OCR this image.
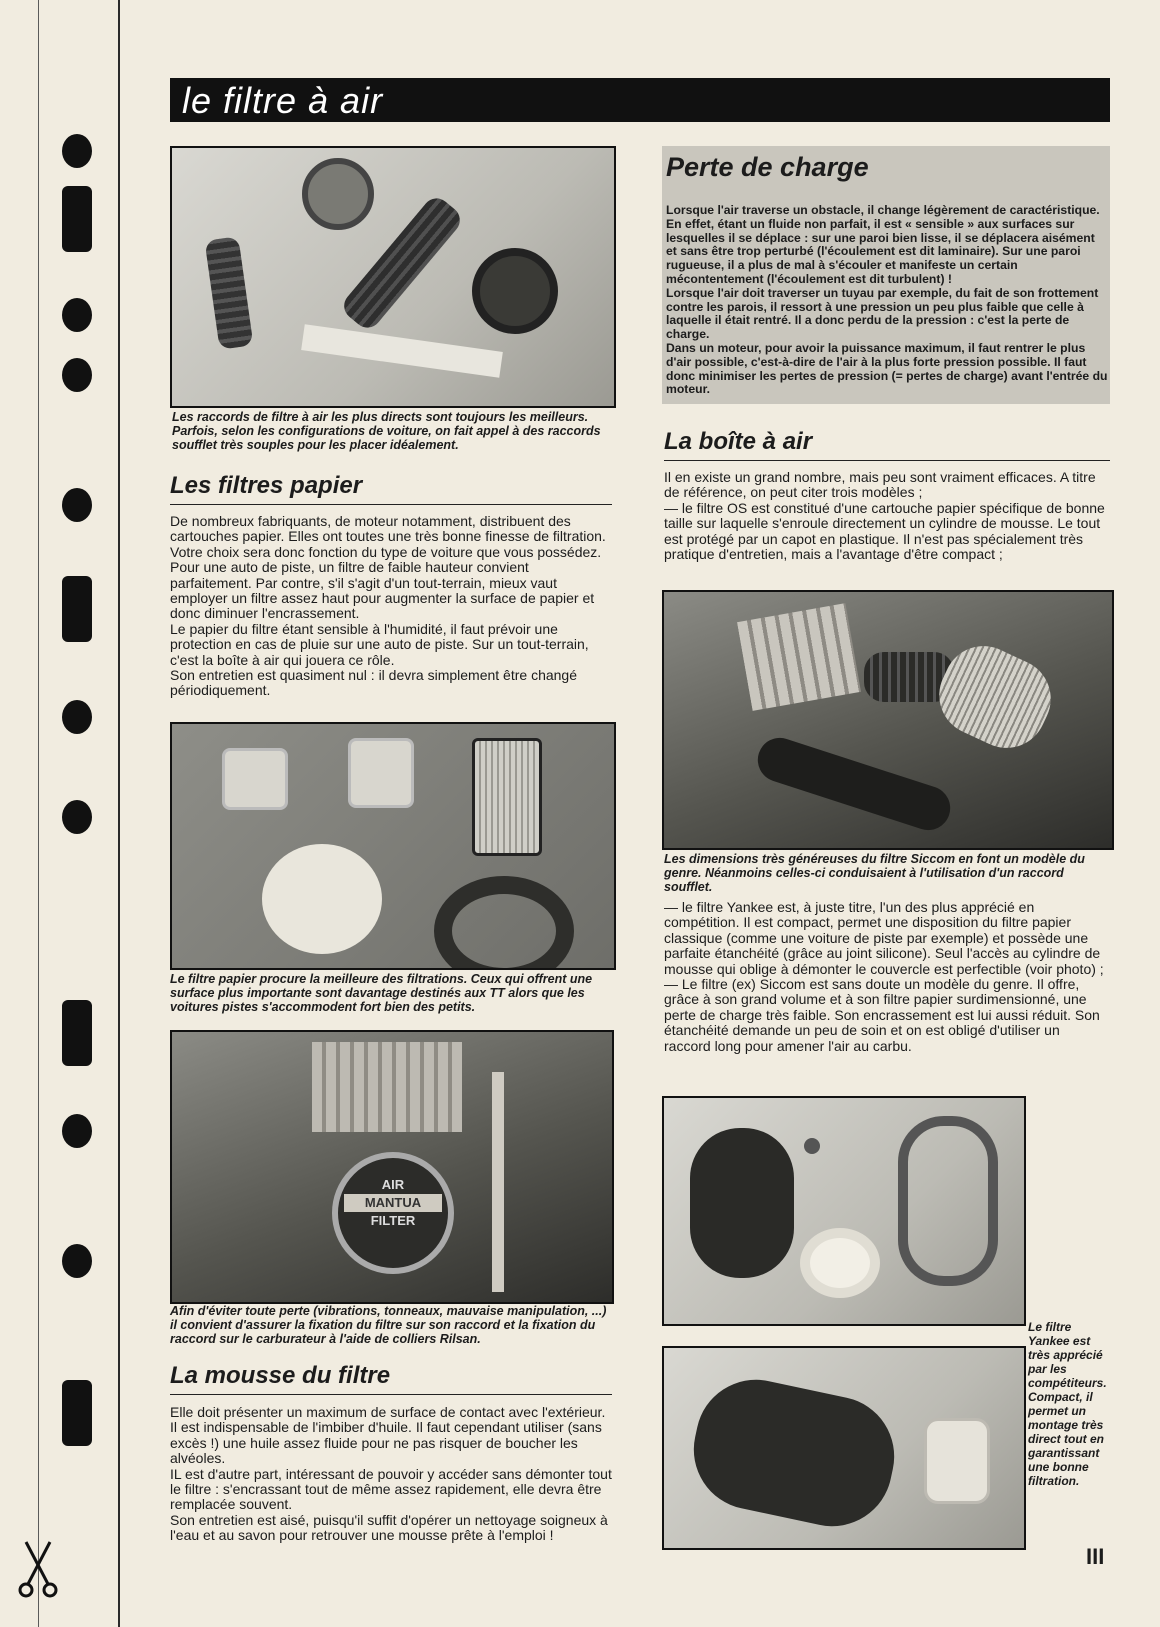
le filtre à air

Les raccords de filtre à air les plus directs sont toujours les meilleurs. Parfois, selon les configurations de voiture, on fait appel à des raccords soufflet très souples pour les placer idéalement.

Les filtres papier

De nombreux fabriquants, de moteur notamment, distribuent des cartouches papier. Elles ont toutes une très bonne finesse de filtration. Votre choix sera donc fonction du type de voiture que vous possédez. Pour une auto de piste, un filtre de faible hauteur convient parfaitement. Par contre, s'il s'agit d'un tout-terrain, mieux vaut employer un filtre assez haut pour augmenter la surface de papier et donc diminuer l'encrassement.

Le papier du filtre étant sensible à l'humidité, il faut prévoir une protection en cas de pluie sur une auto de piste. Sur un tout-terrain, c'est la boîte à air qui jouera ce rôle.

Son entretien est quasiment nul : il devra simplement être changé périodiquement.

Le filtre papier procure la meilleure des filtrations. Ceux qui offrent une surface plus importante sont davantage destinés aux TT alors que les voitures pistes s'accommodent fort bien des petits.

AIR
MANTUA
FILTER

Afin d'éviter toute perte (vibrations, tonneaux, mauvaise manipulation, ...) il convient d'assurer la fixation du filtre sur son raccord et la fixation du raccord sur le carburateur à l'aide de colliers Rilsan.

La mousse du filtre

Elle doit présenter un maximum de surface de contact avec l'extérieur. Il est indispensable de l'imbiber d'huile. Il faut cependant utiliser (sans excès !) une huile assez fluide pour ne pas risquer de boucher les alvéoles.

IL est d'autre part, intéressant de pouvoir y accéder sans démonter tout le filtre : s'encrassant tout de même assez rapidement, elle devra être remplacée souvent.

Son entretien est aisé, puisqu'il suffit d'opérer un nettoyage soigneux à l'eau et au savon pour retrouver une mousse prête à l'emploi !

Perte de charge

Lorsque l'air traverse un obstacle, il change légèrement de caractéristique. En effet, étant un fluide non parfait, il est « sensible » aux surfaces sur lesquelles il se déplace : sur une paroi bien lisse, il se déplacera aisément et sans être trop perturbé (l'écoulement est dit laminaire). Sur une paroi rugueuse, il a plus de mal à s'écouler et manifeste un certain mécontentement (l'écoulement est dit turbulent) !

Lorsque l'air doit traverser un tuyau par exemple, du fait de son frottement contre les parois, il ressort à une pression un peu plus faible que celle à laquelle il était rentré. Il a donc perdu de la pression : c'est la perte de charge.

Dans un moteur, pour avoir la puissance maximum, il faut rentrer le plus d'air possible, c'est-à-dire de l'air à la plus forte pression possible. Il faut donc minimiser les pertes de pression (= pertes de charge) avant l'entrée du moteur.

La boîte à air

Il en existe un grand nombre, mais peu sont vraiment efficaces. A titre de référence, on peut citer trois modèles ;

— le filtre OS est constitué d'une cartouche papier spécifique de bonne taille sur laquelle s'enroule directement un cylindre de mousse. Le tout est protégé par un capot en plastique. Il n'est pas spécialement très pratique d'entretien, mais a l'avantage d'être compact ;

Les dimensions très généreuses du filtre Siccom en font un modèle du genre. Néanmoins celles-ci conduisaient à l'utilisation d'un raccord soufflet.

— le filtre Yankee est, à juste titre, l'un des plus apprécié en compétition. Il est compact, permet une disposition du filtre papier classique (comme une voiture de piste par exemple) et possède une parfaite étanchéité (grâce au joint silicone). Seul l'accès au cylindre de mousse qui oblige à démonter le couvercle est perfectible (voir photo) ;

— Le filtre (ex) Siccom est sans doute un modèle du genre. Il offre, grâce à son grand volume et à son filtre papier surdimensionné, une perte de charge très faible. Son encrassement est lui aussi réduit. Son étanchéité demande un peu de soin et on est obligé d'utiliser un raccord long pour amener l'air au carbu.

Le filtre Yankee est très apprécié par les compétiteurs. Compact, il permet un montage très direct tout en garantissant une bonne filtration.

III
